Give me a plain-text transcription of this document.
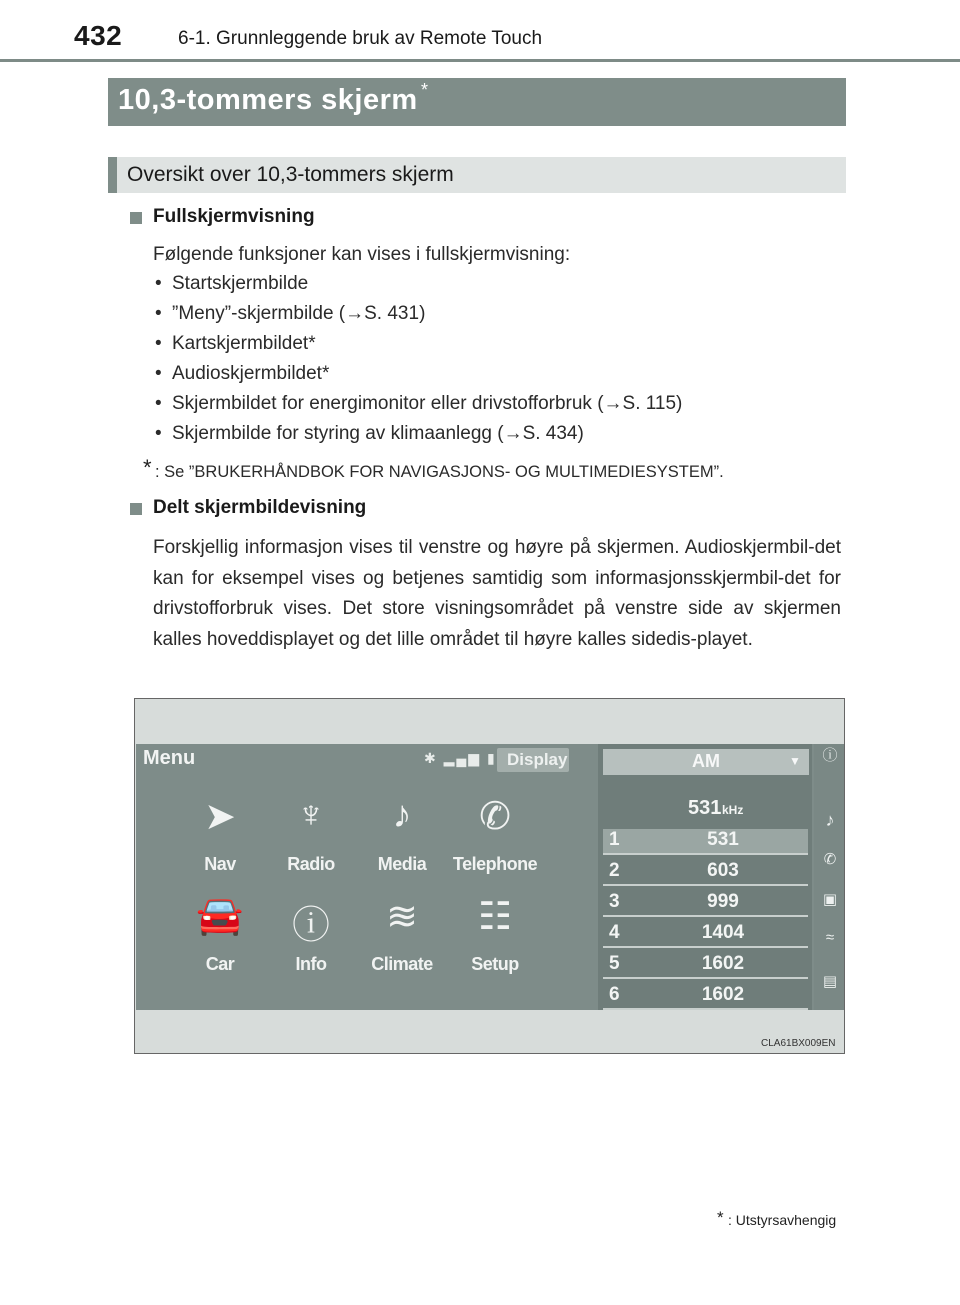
432	6-1. Grunnleggende bruk av Remote Touch
10,3-tommers skjerm *
Oversikt over 10,3-tommers skjerm
Fullskjermvisning
Følgende funksjoner kan vises i fullskjermvisning:
• Startskjermbilde
• ”Meny”-skjermbilde (→S. 431)
• Kartskjermbildet*
• Audioskjermbildet*
• Skjermbildet for energimonitor eller drivstofforbruk (→S. 115)
• Skjermbilde for styring av klimaanlegg (→S. 434)
* : Se ”BRUKERHÅNDBOK FOR NAVIGASJONS- OG MULTIMEDIESYSTEM”.
Delt skjermbildevisning
Forskjellig informasjon vises til venstre og høyre på skjermen. Audioskjermbil-det kan for eksempel vises og betjenes samtidig som informasjonsskjermbil-det for drivstofforbruk vises. Det store visningsområdet på venstre side av skjermen kalles hoveddisplayet og det lille området til høyre kalles sidedis-playet.
Menu	✱ ▂▄▆ ▮ Display
➤
Nav
♆
Radio
♪
Media
✆
Telephone
🚘
Car
ⓘ
Info
≋
Climate
☷
Setup
AM	▼
531 kHz
1	531
2	603
3	999
4	1404
5	1602
6	1602
ⓘ
♪
✆
▣
≈
▤
CLA61BX009EN
* : Utstyrsavhengig
